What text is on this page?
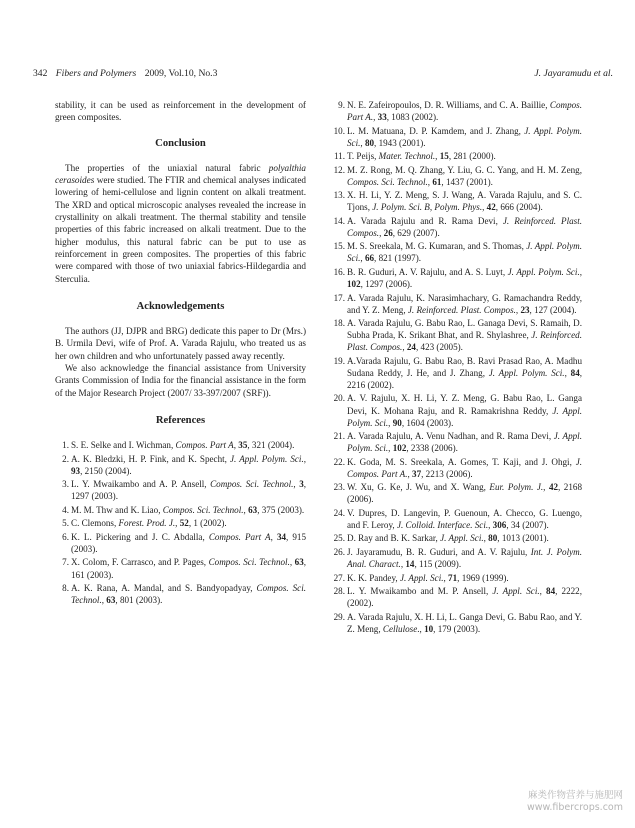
342 Fibers and Polymers 2009, Vol.10, No.3	J. Jayaramudu et al.

stability, it can be used as reinforcement in the development of green composites.

Conclusion

The properties of the uniaxial natural fabric polyalthia cerasoides were studied. The FTIR and chemical analyses indicated lowering of hemi-cellulose and lignin content on alkali treatment. The XRD and optical microscopic analyses revealed the increase in crystallinity on alkali treatment. The thermal stability and tensile properties of this fabric increased on alkali treatment. Due to the higher modulus, this natural fabric can be put to use as reinforcement in green composites. The properties of this fabric were compared with those of two uniaxial fabrics-Hildegardia and Sterculia.

Acknowledgements

The authors (JJ, DJPR and BRG) dedicate this paper to Dr (Mrs.) B. Urmila Devi, wife of Prof. A. Varada Rajulu, who treated us as her own children and who unfortunately passed away recently.

We also acknowledge the financial assistance from University Grants Commission of India for the financial assistance in the form of the Major Research Project (2007/ 33-397/2007 (SRF)).

References
1. S. E. Selke and I. Wichman, Compos. Part A, 35, 321 (2004).
2. A. K. Bledzki, H. P. Fink, and K. Specht, J. Appl. Polym. Sci., 93, 2150 (2004).
3. L. Y. Mwaikambo and A. P. Ansell, Compos. Sci. Technol., 3, 1297 (2003).
4. M. M. Thw and K. Liao, Compos. Sci. Technol., 63, 375 (2003).
5. C. Clemons, Forest. Prod. J., 52, 1 (2002).
6. K. L. Pickering and J. C. Abdalla, Compos. Part A, 34, 915 (2003).
7. X. Colom, F. Carrasco, and P. Pages, Compos. Sci. Technol., 63, 161 (2003).
8. A. K. Rana, A. Mandal, and S. Bandyopadyay, Compos. Sci. Technol., 63, 801 (2003).
9. N. E. Zafeiropoulos, D. R. Williams, and C. A. Baillie, Compos. Part A., 33, 1083 (2002).
10. L. M. Matuana, D. P. Kamdem, and J. Zhang, J. Appl. Polym. Sci., 80, 1943 (2001).
11. T. Peijs, Mater. Technol., 15, 281 (2000).
12. M. Z. Rong, M. Q. Zhang, Y. Liu, G. C. Yang, and H. M. Zeng, Compos. Sci. Technol., 61, 1437 (2001).
13. X. H. Li, Y. Z. Meng, S. J. Wang, A. Varada Rajulu, and S. C. Tjons, J. Polym. Sci. B, Polym. Phys., 42, 666 (2004).
14. A. Varada Rajulu and R. Rama Devi, J. Reinforced. Plast. Compos., 26, 629 (2007).
15. M. S. Sreekala, M. G. Kumaran, and S. Thomas, J. Appl. Polym. Sci., 66, 821 (1997).
16. B. R. Guduri, A. V. Rajulu, and A. S. Luyt, J. Appl. Polym. Sci., 102, 1297 (2006).
17. A. Varada Rajulu, K. Narasimhachary, G. Ramachandra Reddy, and Y. Z. Meng, J. Reinforced. Plast. Compos., 23, 127 (2004).
18. A. Varada Rajulu, G. Babu Rao, L. Ganaga Devi, S. Ramaih, D. Subha Prada, K. Srikant Bhat, and R. Shylashree, J. Reinforced. Plast. Compos., 24, 423 (2005).
19. A.Varada Rajulu, G. Babu Rao, B. Ravi Prasad Rao, A. Madhu Sudana Reddy, J. He, and J. Zhang, J. Appl. Polym. Sci., 84, 2216 (2002).
20. A. V. Rajulu, X. H. Li, Y. Z. Meng, G. Babu Rao, L. Ganga Devi, K. Mohana Raju, and R. Ramakrishna Reddy, J. Appl. Polym. Sci., 90, 1604 (2003).
21. A. Varada Rajulu, A. Venu Nadhan, and R. Rama Devi, J. Appl. Polym. Sci., 102, 2338 (2006).
22. K. Goda, M. S. Sreekala, A. Gomes, T. Kaji, and J. Ohgi, J. Compos. Part A., 37, 2213 (2006).
23. W. Xu, G. Ke, J. Wu, and X. Wang, Eur. Polym. J., 42, 2168 (2006).
24. V. Dupres, D. Langevin, P. Guenoun, A. Checco, G. Luengo, and F. Leroy, J. Colloid. Interface. Sci., 306, 34 (2007).
25. D. Ray and B. K. Sarkar, J. Appl. Sci., 80, 1013 (2001).
26. J. Jayaramudu, B. R. Guduri, and A. V. Rajulu, Int. J. Polym. Anal. Charact., 14, 115 (2009).
27. K. K. Pandey, J. Appl. Sci., 71, 1969 (1999).
28. L. Y. Mwaikambo and M. P. Ansell, J. Appl. Sci., 84, 2222, (2002).
29. A. Varada Rajulu, X. H. Li, L. Ganga Devi, G. Babu Rao, and Y. Z. Meng, Cellulose., 10, 179 (2003).
麻类作物营养与施肥网
www.fibercrops.com
